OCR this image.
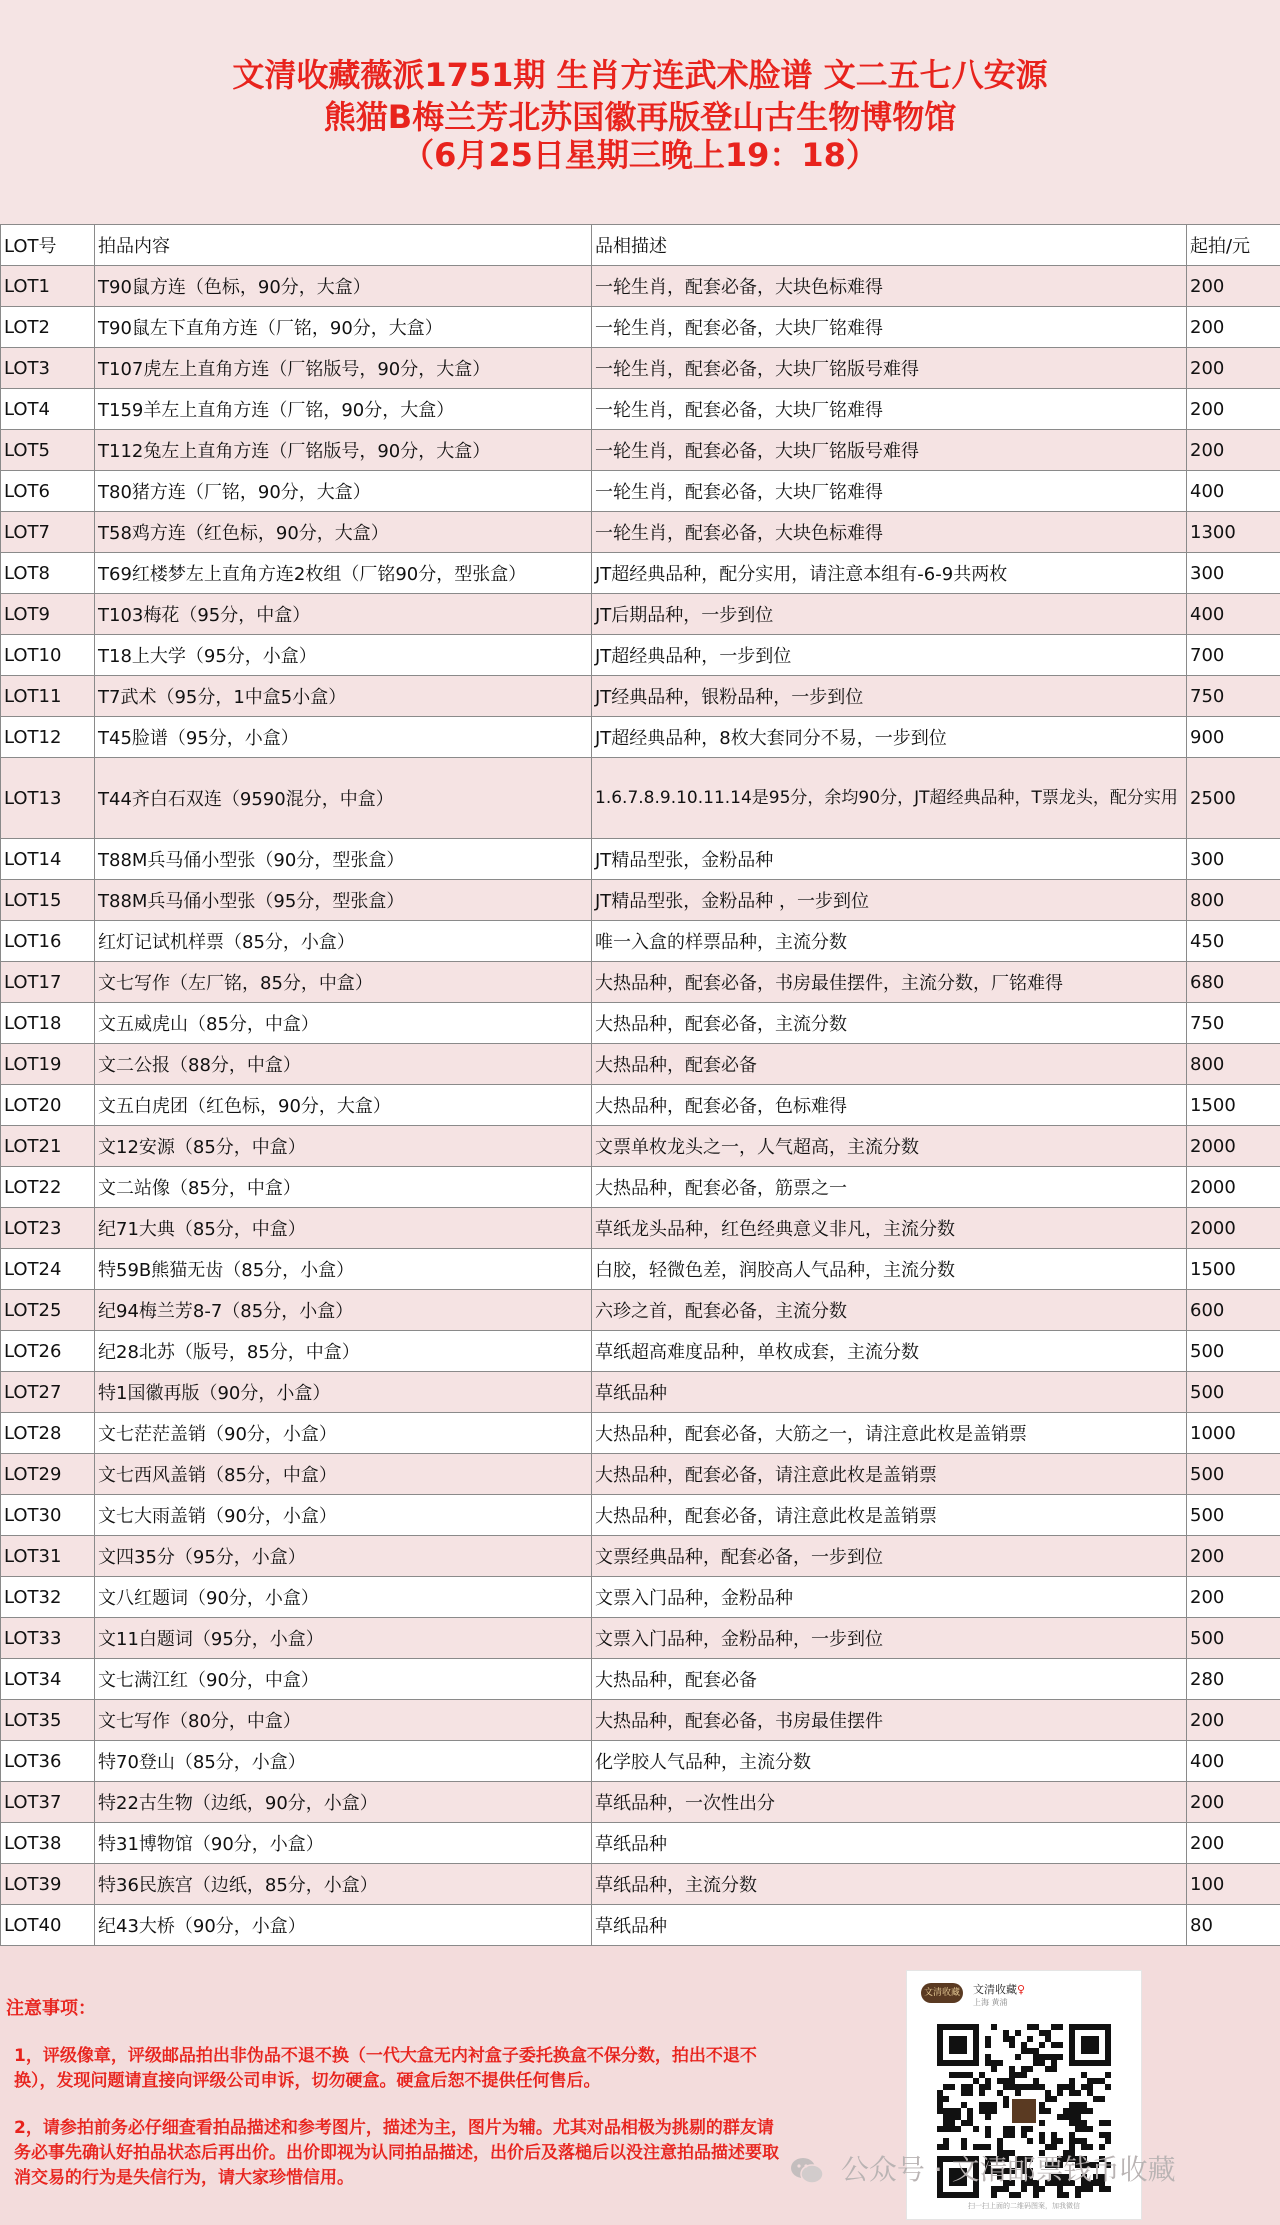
文清收藏薇派1751期 生肖方连武术脸谱 文二五七八安源
熊猫B梅兰芳北苏国徽再版登山古生物博物馆
（6月25日星期三晚上19：18）
LOT号	拍品内容	品相描述	起拍/元
LOT1	T90鼠方连（色标，90分，大盒）	一轮生肖，配套必备，大块色标难得	200
LOT2	T90鼠左下直角方连（厂铭，90分，大盒）	一轮生肖，配套必备，大块厂铭难得	200
LOT3	T107虎左上直角方连（厂铭版号，90分，大盒）	一轮生肖，配套必备，大块厂铭版号难得	200
LOT4	T159羊左上直角方连（厂铭，90分，大盒）	一轮生肖，配套必备，大块厂铭难得	200
LOT5	T112兔左上直角方连（厂铭版号，90分，大盒）	一轮生肖，配套必备，大块厂铭版号难得	200
LOT6	T80猪方连（厂铭，90分，大盒）	一轮生肖，配套必备，大块厂铭难得	400
LOT7	T58鸡方连（红色标，90分，大盒）	一轮生肖，配套必备，大块色标难得	1300
LOT8	T69红楼梦左上直角方连2枚组（厂铭90分，型张盒）	JT超经典品种，配分实用，请注意本组有-6-9共两枚	300
LOT9	T103梅花（95分，中盒）	JT后期品种，一步到位	400
LOT10	T18上大学（95分，小盒）	JT超经典品种，一步到位	700
LOT11	T7武术（95分，1中盒5小盒）	JT经典品种，银粉品种，一步到位	750
LOT12	T45脸谱（95分，小盒）	JT超经典品种，8枚大套同分不易，一步到位	900
LOT13	T44齐白石双连（9590混分，中盒）	1.6.7.8.9.10.11.14是95分，余均90分，JT超经典品种，T票龙头，配分实用	2500
LOT14	T88M兵马俑小型张（90分，型张盒）	JT精品型张，金粉品种	300
LOT15	T88M兵马俑小型张（95分，型张盒）	JT精品型张，金粉品种 ，一步到位	800
LOT16	红灯记试机样票（85分，小盒）	唯一入盒的样票品种，主流分数	450
LOT17	文七写作（左厂铭，85分，中盒）	大热品种，配套必备，书房最佳摆件，主流分数，厂铭难得	680
LOT18	文五威虎山（85分，中盒）	大热品种，配套必备，主流分数	750
LOT19	文二公报（88分，中盒）	大热品种，配套必备	800
LOT20	文五白虎团（红色标，90分，大盒）	大热品种，配套必备，色标难得	1500
LOT21	文12安源（85分，中盒）	文票单枚龙头之一，人气超高，主流分数	2000
LOT22	文二站像（85分，中盒）	大热品种，配套必备，筋票之一	2000
LOT23	纪71大典（85分，中盒）	草纸龙头品种，红色经典意义非凡，主流分数	2000
LOT24	特59B熊猫无齿（85分，小盒）	白胶，轻微色差，润胶高人气品种，主流分数	1500
LOT25	纪94梅兰芳8-7（85分，小盒）	六珍之首，配套必备，主流分数	600
LOT26	纪28北苏（版号，85分，中盒）	草纸超高难度品种，单枚成套，主流分数	500
LOT27	特1国徽再版（90分，小盒）	草纸品种	500
LOT28	文七茫茫盖销（90分，小盒）	大热品种，配套必备，大筋之一，请注意此枚是盖销票	1000
LOT29	文七西风盖销（85分，中盒）	大热品种，配套必备，请注意此枚是盖销票	500
LOT30	文七大雨盖销（90分，小盒）	大热品种，配套必备，请注意此枚是盖销票	500
LOT31	文四35分（95分，小盒）	文票经典品种，配套必备，一步到位	200
LOT32	文八红题词（90分，小盒）	文票入门品种，金粉品种	200
LOT33	文11白题词（95分，小盒）	文票入门品种，金粉品种，一步到位	500
LOT34	文七满江红（90分，中盒）	大热品种，配套必备	280
LOT35	文七写作（80分，中盒）	大热品种，配套必备，书房最佳摆件	200
LOT36	特70登山（85分，小盒）	化学胶人气品种，主流分数	400
LOT37	特22古生物（边纸，90分，小盒）	草纸品种，一次性出分	200
LOT38	特31博物馆（90分，小盒）	草纸品种	200
LOT39	特36民族宫（边纸，85分，小盒）	草纸品种，主流分数	100
LOT40	纪43大桥（90分，小盒）	草纸品种	80
注意事项：
1，评级像章，评级邮品拍出非伪品不退不换（一代大盒无内衬盒子委托换盒不保分数，拍出不退不换），发现问题请直接向评级公司申诉，切勿硬盒。硬盒后恕不提供任何售后。
2，请参拍前务必仔细查看拍品描述和参考图片，描述为主，图片为辅。尤其对品相极为挑剔的群友请务必事先确认好拍品状态后再出价。出价即视为认同拍品描述，出价后及落槌后以没注意拍品描述要取消交易的行为是失信行为，请大家珍惜信用。
文清收藏 文清收藏♀
上海 黄浦
扫一扫上面的二维码图案，加我微信
公众号 · 文清邮票钱币收藏
